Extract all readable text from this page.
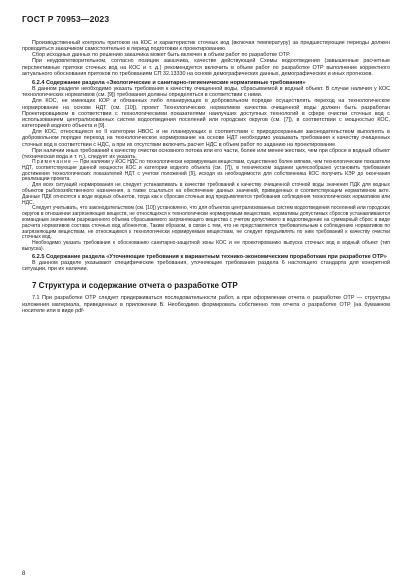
ГОСТ Р 70953—2023

Производственный контроль притоков на КОС и характеристик сточных вод (включая температуру) за предшествующие периоды должен проводиться заказчиком самостоятельно в период подготовки к проектированию.

Сбор исходных данных по решению заказчика может быть включен в объем работ по разработке ОТР.

При неудовлетворительном, согласно позиции заказчика, качестве действующей Схемы водоотведения (завышенные расчетные перспективные притоки сточных вод на КОС и т. д.) рекомендуется включить в объем работ по разработке ОТР выполнение корректного актуального обоснования притоков по требованиям СП 32.13330 на основе демографических данных, демографических и иных прогнозов.

6.2.4 Содержание раздела «Экологические и санитарно-гигиенические нормативные требования»

В данном разделе необходимо указать требования к качеству очищенной воды, сбрасываемой в водный объект. В случае наличия у КОС технологических нормативов (см. [9]) требования должны определяться в соответствии с ними.

Для КОС, не имеющих КОР и обязанных либо планирующих в добровольном порядке осуществлять переход на технологическое нормирование на основе НДТ (см. [10]), проект Технологических нормативов качества очищенной воды должен быть разработан Проектировщиком в соответствии с технологическими показателями наилучших доступных технологий в сфере очистки сточных вод с использованием централизованных систем водоотведения поселений или городских округов (см. [7]), в соответствии с мощностью КОС, категорией водного объекта и [9].

Для КОС, относящихся ко II категории НВОС и не планирующих в соответствии с природоохранным законодательством выполнять в добровольном порядке переход на технологическое нормирование на основе НДТ необходимо указывать требования к качеству очищенных сточных вод в соответствии с НДС, а при их отсутствии включить расчет НДС в объем работ по заданию на проектирование.

При наличии иных требований к качеству очистки основного потока или его части, более или менее жестких, чем при сбросе в водный объект (техническая вода и т. п.), следует их указать.

Примечание — При наличии у КОС НДС по технологически нормируемым веществам, существенно более мягким, чем технологические показатели НДТ, соответствующие данной мощности КОС и категории водного объекта (см. [7]), в техническом задании целесообразно установить требования достижения технологических показателей НДТ с учетом положений [9], исходя из необходимости для собственника КОС получить КЭР до окончания реализации проекта.

Для всех ситуаций нормирования не следует устанавливать в качестве требований к качеству очищенной сточной воды значения ПДК для водных объектов рыбохозяйственного назначения, а также ссылаться на обеспечение данных значений, приведенных в соответствующем нормативном акте. Данные ПДК относятся к воде водных объектов, тогда как к сбросам сточных вод предъявляются требования соблюдения технологических нормативов или НДС.

Следует учитывать, что законодательством (см. [10]) установлено, что для объектов централизованных систем водоотведения поселений или городских округов в отношении загрязняющих веществ, не относящихся к технологически нормируемым веществам, нормативы допустимых сбросов устанавливаются командным значением разрешенного объема сбрасываемого загрязняющего вещества с учетом допустимого в водоотведение на суммарный сброс в виде расчета нормативов состава сточных вод абонентов. Таким образом, в связи с тем, что не представляется требовательным к соблюдению нормативов по загрязняющим веществам, не относящимся к технологически нормируемым веществам, не следует предъявлять по ним требований к качеству очистки сточных вод.

Необходимо указать требования к обоснованию санитарно-защитной зоны КОС и ее проектированию выпуска сточных вод в водный объект (тип выпуска).

6.2.5 Содержание раздела «Уточняющие требования к вариантным технико-экономическим проработкам при разработке ОТР»

В данном разделе указывают специфические требования, уточняющие требования раздела 6 настоящего стандарта для конкретной ситуации, при их наличии.

7 Структура и содержание отчета о разработке ОТР

7.1 При разработке ОТР следует придерживаться последовательности работ, а при оформлении отчета о разработке ОТР — структуры изложения материала, приведенных в приложении В. Необходимо формировать собственно том отчета о разработке ОТР (на бумажном носителе или в виде pdf-

8
